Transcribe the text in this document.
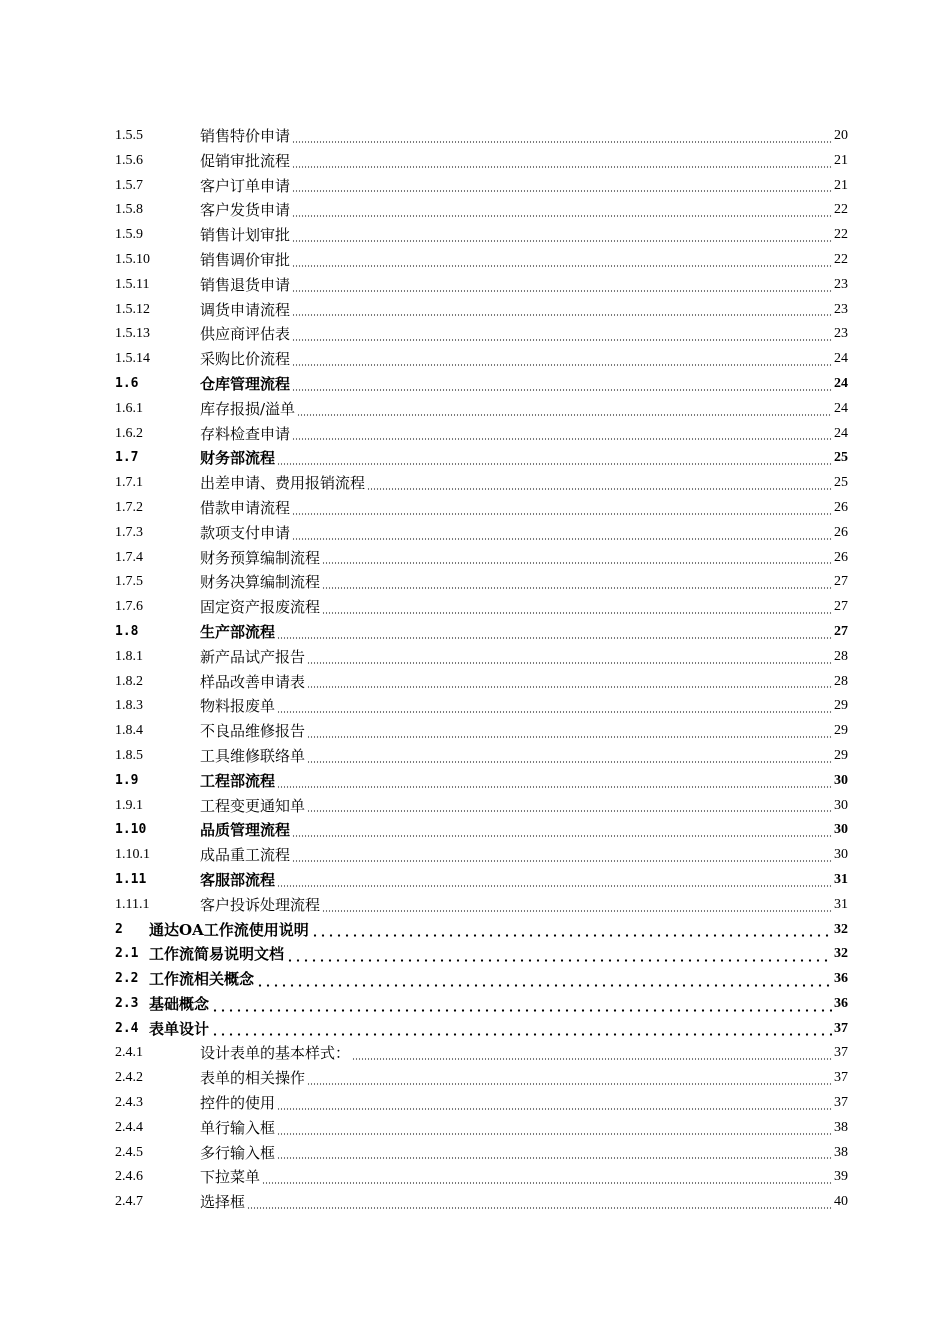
1.5.5	销售特价申请	20
1.5.6	促销审批流程	21
1.5.7	客户订单申请	21
1.5.8	客户发货申请	22
1.5.9	销售计划审批	22
1.5.10	销售调价审批	22
1.5.11	销售退货申请	23
1.5.12	调货申请流程	23
1.5.13	供应商评估表	23
1.5.14	采购比价流程	24
1.6	仓库管理流程	24
1.6.1	库存报损/溢单	24
1.6.2	存料检查申请	24
1.7	财务部流程	25
1.7.1	出差申请、费用报销流程	25
1.7.2	借款申请流程	26
1.7.3	款项支付申请	26
1.7.4	财务预算编制流程	26
1.7.5	财务决算编制流程	27
1.7.6	固定资产报废流程	27
1.8	生产部流程	27
1.8.1	新产品试产报告	28
1.8.2	样品改善申请表	28
1.8.3	物料报废单	29
1.8.4	不良品维修报告	29
1.8.5	工具维修联络单	29
1.9	工程部流程	30
1.9.1	工程变更通知单	30
1.10	品质管理流程	30
1.10.1	成品重工流程	30
1.11	客服部流程	31
1.11.1	客户投诉处理流程	31
2	通达OA工作流使用说明	32
2.1 工作流简易说明文档	32
2.2 工作流相关概念	36
2.3 基础概念	36
2.4 表单设计	37
2.4.1	设计表单的基本样式：	37
2.4.2	表单的相关操作	37
2.4.3	控件的使用	37
2.4.4	单行输入框	38
2.4.5	多行输入框	38
2.4.6	下拉菜单	39
2.4.7	选择框	40
